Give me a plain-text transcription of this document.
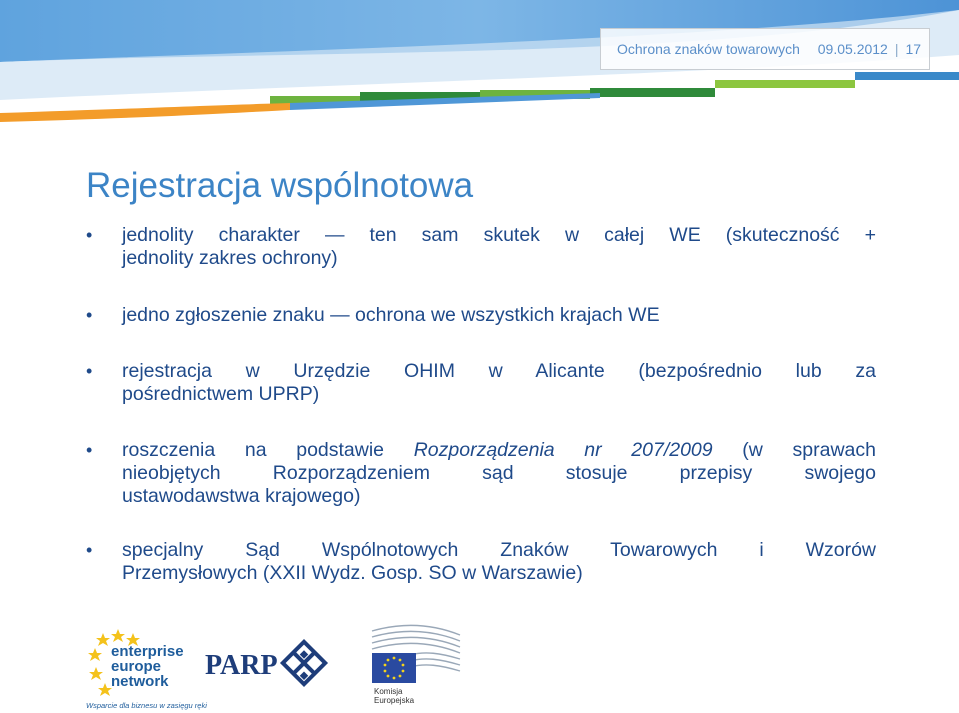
Ochrona znaków towarowych
09.05.2012 | 17
Rejestracja wspólnotowa
• jednolity charakter — ten sam skutek w całej WE (skuteczność +
jednolity zakres ochrony)
• jedno zgłoszenie znaku — ochrona we wszystkich krajach WE
• rejestracja w Urzędzie OHIM w Alicante (bezpośrednio lub za
pośrednictwem UPRP)
• roszczenia na podstawie Rozporządzenia nr 207/2009 (w sprawach
nieobjętych Rozporządzeniem sąd stosuje przepisy swojego
ustawodawstwa krajowego)
• specjalny Sąd Wspólnotowych Znaków Towarowych i Wzorów
Przemysłowych (XXII Wydz. Gosp. SO w Warszawie)
enterprise
europe
network
Wsparcie dla biznesu w zasięgu ręki
PARP
Komisja
Europejska
